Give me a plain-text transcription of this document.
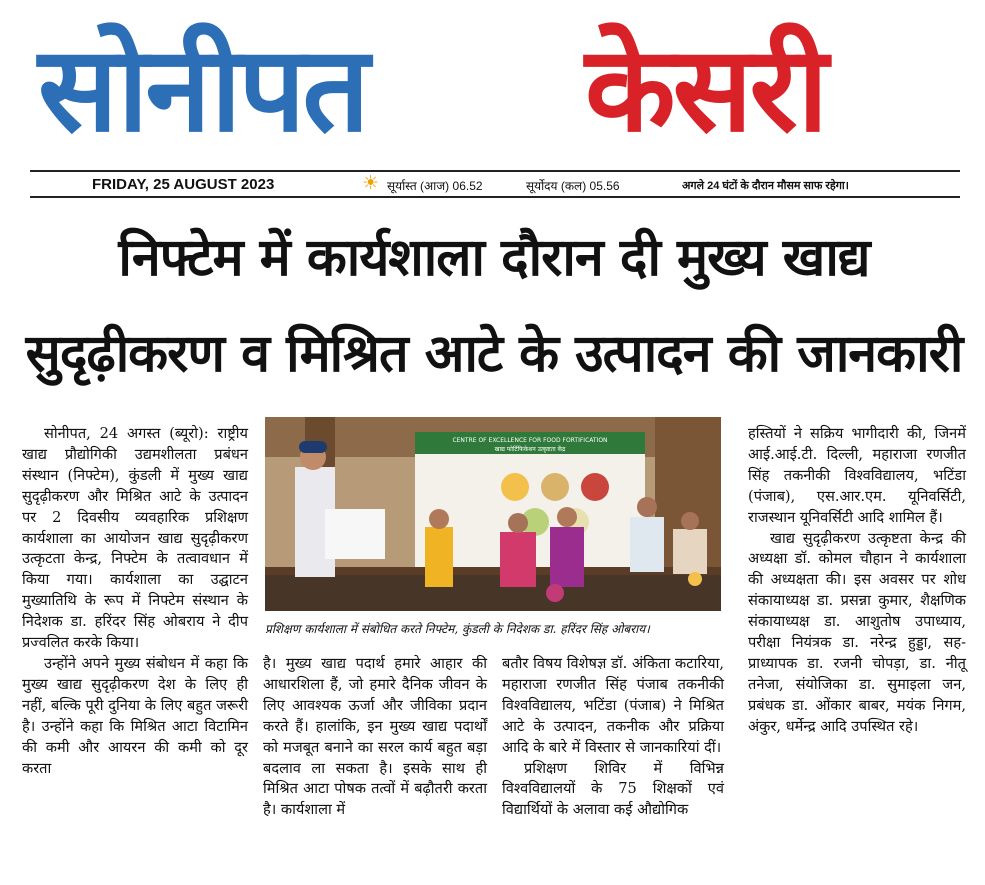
सोनीपत केसरी
FRIDAY, 25 AUGUST 2023	☀ सूर्यास्त (आज) 06.52	सूर्योदय (कल) 05.56	अगले 24 घंटों के दौरान मौसम साफ रहेगा।
निफ्टेम में कार्यशाला दौरान दी मुख्य खाद्य
सुदृढ़ीकरण व मिश्रित आटे के उत्पादन की जानकारी

सोनीपत, 24 अगस्त (ब्यूरो): राष्ट्रीय खाद्य प्रौद्योगिकी उद्यमशीलता प्रबंधन संस्थान (निफ्टेम), कुंडली में मुख्य खाद्य सुदृढ़ीकरण और मिश्रित आटे के उत्पादन पर 2 दिवसीय व्यवहारिक प्रशिक्षण कार्यशाला का आयोजन खाद्य सुदृढ़ीकरण उत्कृटता केन्द्र, निफ्टेम के तत्वावधान में किया गया। कार्यशाला का उद्घाटन मुख्यातिथि के रूप में निफ्टेम संस्थान के निदेशक डा. हरिंदर सिंह ओबराय ने दीप प्रज्वलित करके किया।

उन्होंने अपने मुख्य संबोधन में कहा कि मुख्य खाद्य सुदृढ़ीकरण देश के लिए ही नहीं, बल्कि पूरी दुनिया के लिए बहुत जरूरी है। उन्होंने कहा कि मिश्रित आटा विटामिन की कमी और आयरन की कमी को दूर करता

CENTRE OF EXCELLENCE FOR FOOD FORTIFICATION
खाद्य फोर्टिफिकेशन उत्कृष्टता केंद्र
प्रशिक्षण कार्यशाला में संबोधित करते निफ्टेम, कुंडली के निदेशक डा. हरिंदर सिंह ओबराय।

है। मुख्य खाद्य पदार्थ हमारे आहार की आधारशिला हैं, जो हमारे दैनिक जीवन के लिए आवश्यक ऊर्जा और जीविका प्रदान करते हैं। हालांकि, इन मुख्य खाद्य पदार्थों को मजबूत बनाने का सरल कार्य बहुत बड़ा बदलाव ला सकता है। इसके साथ ही मिश्रित आटा पोषक तत्वों में बढ़ौतरी करता है। कार्यशाला में

बतौर विषय विशेषज्ञ डॉ. अंकिता कटारिया, महाराजा रणजीत सिंह पंजाब तकनीकी विश्वविद्यालय, भटिंडा (पंजाब) ने मिश्रित आटे के उत्पादन, तकनीक और प्रक्रिया आदि के बारे में विस्तार से जानकारियां दीं।

प्रशिक्षण शिविर में विभिन्न विश्वविद्यालयों के 75 शिक्षकों एवं विद्यार्थियों के अलावा कई औद्योगिक

हस्तियों ने सक्रिय भागीदारी की, जिनमें आई.आई.टी. दिल्ली, महाराजा रणजीत सिंह तकनीकी विश्वविद्यालय, भटिंडा (पंजाब), एस.आर.एम. यूनिवर्सिटी, राजस्थान यूनिवर्सिटी आदि शामिल हैं।

खाद्य सुदृढ़ीकरण उत्कृष्टता केन्द्र की अध्यक्षा डॉ. कोमल चौहान ने कार्यशाला की अध्यक्षता की। इस अवसर पर शोध संकायाध्यक्ष डा. प्रसन्ना कुमार, शैक्षणिक संकायाध्यक्ष डा. आशुतोष उपाध्याय, परीक्षा नियंत्रक डा. नरेन्द्र हुड्डा, सह-प्राध्यापक डा. रजनी चोपड़ा, डा. नीतू तनेजा, संयोजिका डा. सुमाइला जन, प्रबंधक डा. ओंकार बाबर, मयंक निगम, अंकुर, धर्मेन्द्र आदि उपस्थित रहे।
